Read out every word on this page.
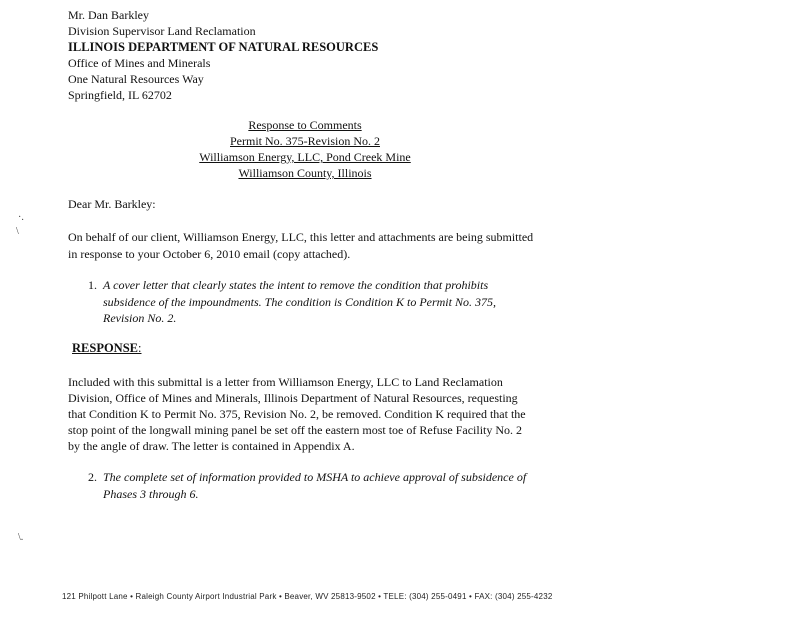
Mr. Dan Barkley
Division Supervisor Land Reclamation
ILLINOIS DEPARTMENT OF NATURAL RESOURCES
Office of Mines and Minerals
One Natural Resources Way
Springfield, IL 62702
Response to Comments
Permit No. 375-Revision No. 2
Williamson Energy, LLC, Pond Creek Mine
Williamson County, Illinois
·.
\
Dear Mr. Barkley:
On behalf of our client, Williamson Energy, LLC, this letter and attachments are being submitted
in response to your October 6, 2010 email (copy attached).
1. A cover letter that clearly states the intent to remove the condition that prohibits
subsidence of the impoundments. The condition is Condition K to Permit No. 375,
Revision No. 2.
RESPONSE:
Included with this submittal is a letter from Williamson Energy, LLC to Land Reclamation
Division, Office of Mines and Minerals, Illinois Department of Natural Resources, requesting
that Condition K to Permit No. 375, Revision No. 2, be removed. Condition K required that the
stop point of the longwall mining panel be set off the eastern most toe of Refuse Facility No. 2
by the angle of draw. The letter is contained in Appendix A.
2. The complete set of information provided to MSHA to achieve approval of subsidence of
Phases 3 through 6.
\.
121 Philpott Lane • Raleigh County Airport Industrial Park • Beaver, WV 25813-9502 • TELE: (304) 255-0491 • FAX: (304) 255-4232
